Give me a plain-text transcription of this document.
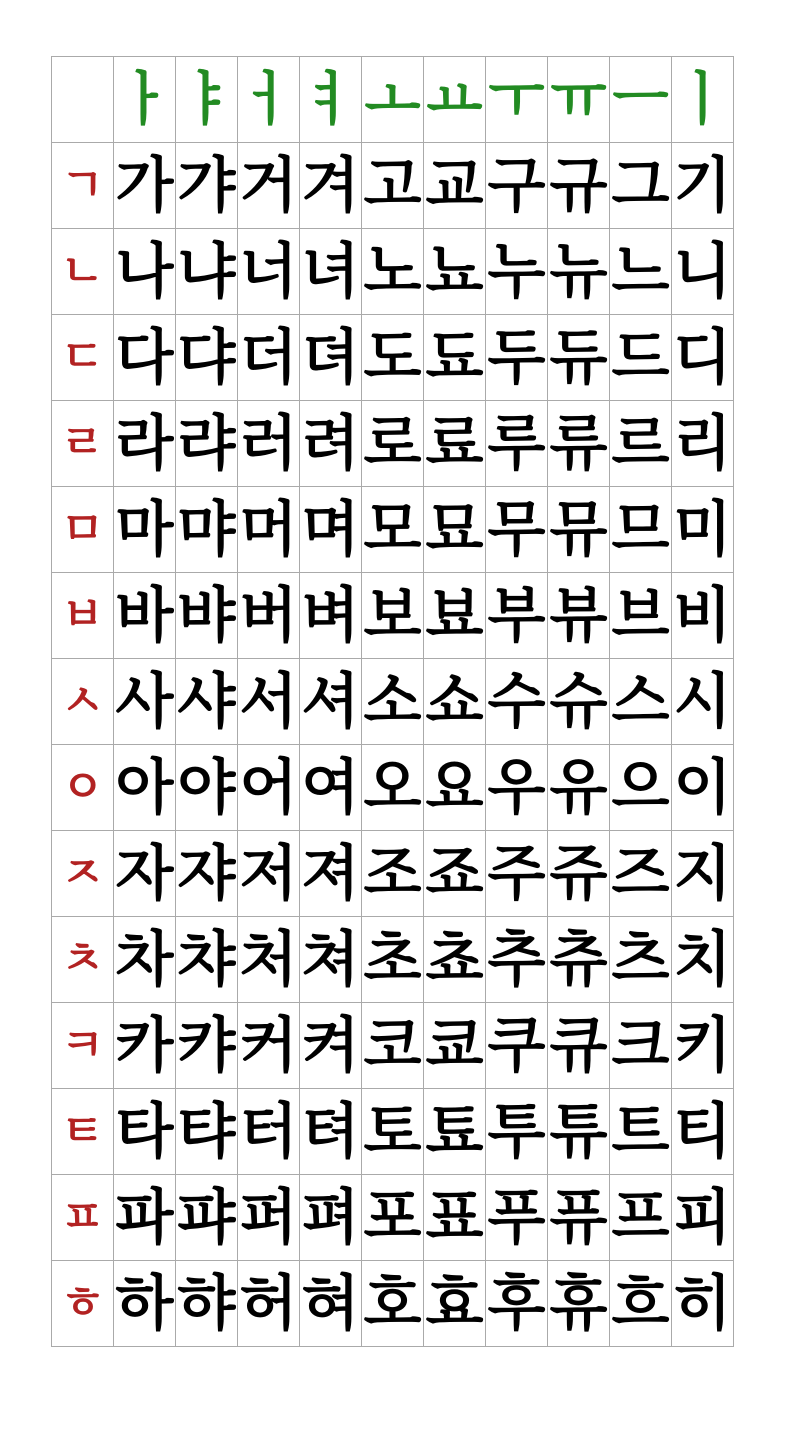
	ㅏ	ㅑ	ㅓ	ㅕ	ㅗ	ㅛ	ㅜ	ㅠ	ㅡ	ㅣ
ㄱ	가	갸	거	겨	고	교	구	규	그	기
ㄴ	나	냐	너	녀	노	뇨	누	뉴	느	니
ㄷ	다	댜	더	뎌	도	됴	두	듀	드	디
ㄹ	라	랴	러	려	로	료	루	류	르	리
ㅁ	마	먀	머	며	모	묘	무	뮤	므	미
ㅂ	바	뱌	버	벼	보	뵤	부	뷰	브	비
ㅅ	사	샤	서	셔	소	쇼	수	슈	스	시
ㅇ	아	야	어	여	오	요	우	유	으	이
ㅈ	자	쟈	저	져	조	죠	주	쥬	즈	지
ㅊ	차	챠	처	쳐	초	쵸	추	츄	츠	치
ㅋ	카	캬	커	켜	코	쿄	쿠	큐	크	키
ㅌ	타	탸	터	텨	토	툐	투	튜	트	티
ㅍ	파	퍄	퍼	펴	포	표	푸	퓨	프	피
ㅎ	하	햐	허	혀	호	효	후	휴	흐	히
